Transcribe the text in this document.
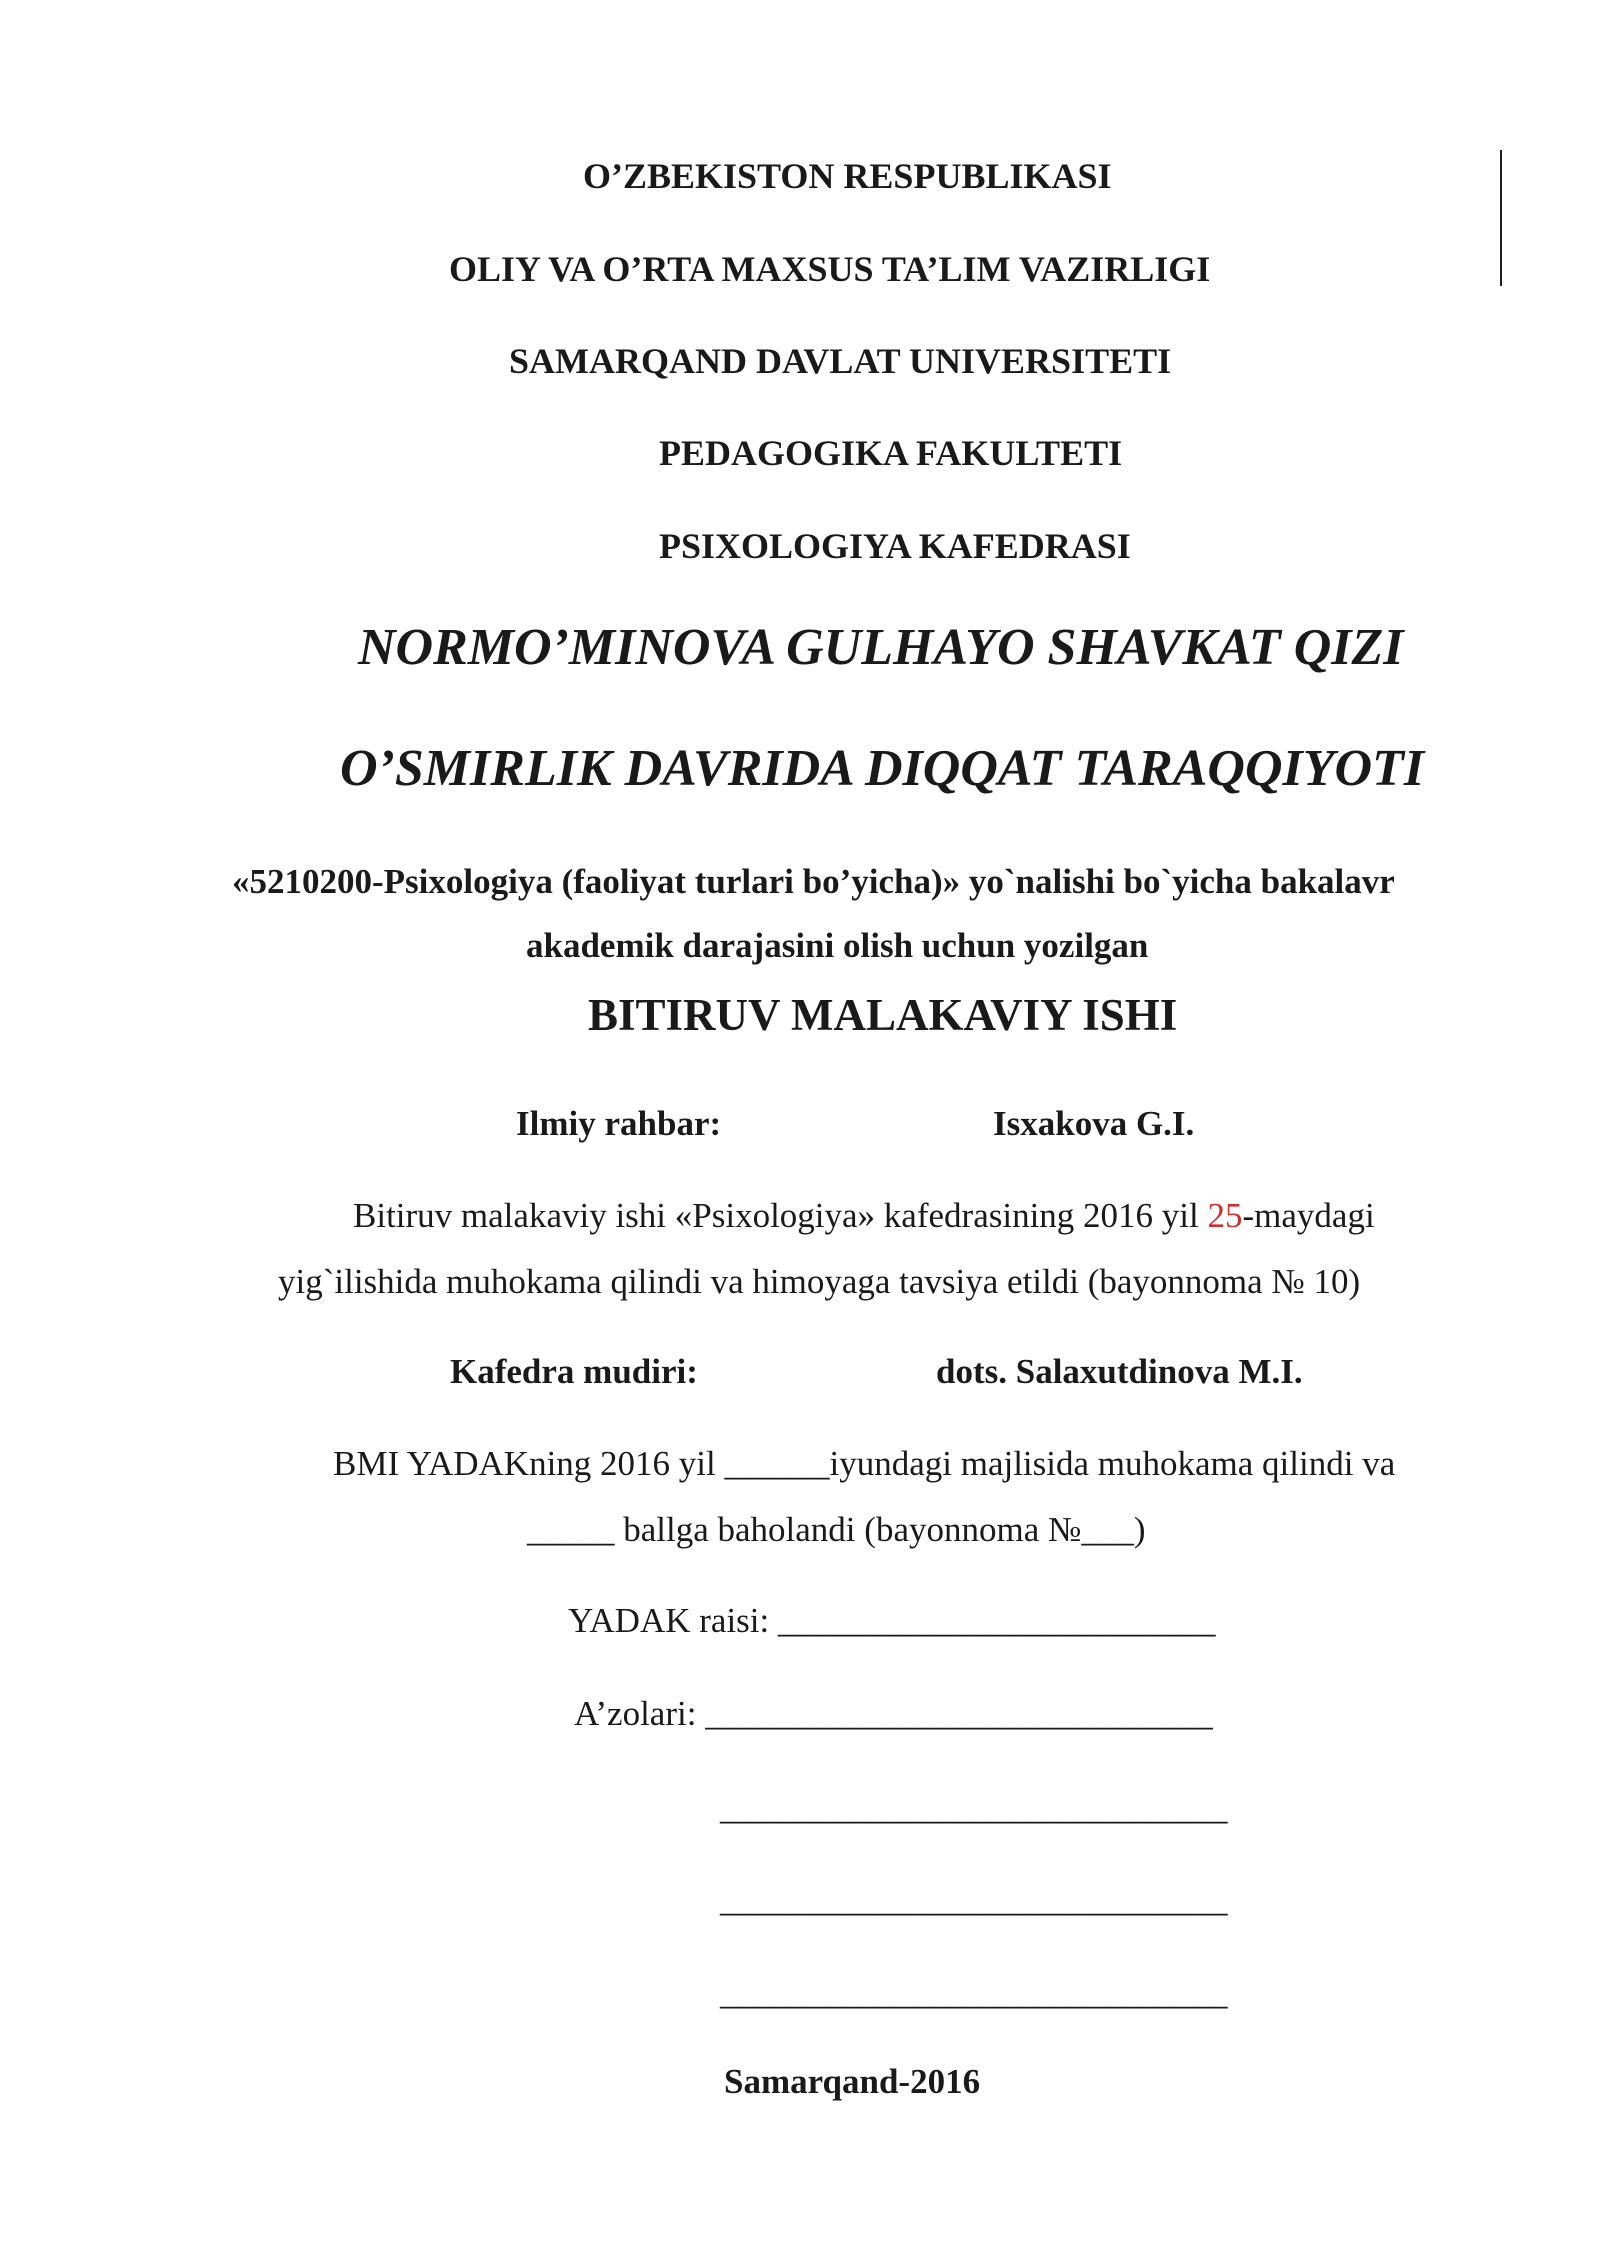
O’ZBEKISTON RESPUBLIKASI
OLIY VA O’RTA MAXSUS TA’LIM VAZIRLIGI
SAMARQAND DAVLAT UNIVERSITETI
PEDAGOGIKA FAKULTETI
PSIXOLOGIYA KAFEDRASI
NORMO’MINOVA GULHAYO SHAVKAT QIZI
O’SMIRLIK DAVRIDA DIQQAT TARAQQIYOTI
«5210200-Psixologiya (faoliyat turlari bo’yicha)» yo`nalishi bo`yicha bakalavr
akademik darajasini olish uchun yozilgan
BITIRUV MALAKAVIY ISHI
Ilmiy rahbar:	Isxakova G.I.
Bitiruv malakaviy ishi «Psixologiya» kafedrasining 2016 yil 25-maydagi
yig`ilishida muhokama qilindi va himoyaga tavsiya etildi (bayonnoma № 10)
Kafedra mudiri:	dots. Salaxutdinova M.I.
BMI YADAKning 2016 yil ______iyundagi majlisida muhokama qilindi va
_____ ballga baholandi (bayonnoma №___)
YADAK raisi: _________________________
A’zolari: _____________________________
_____________________________
_____________________________
_____________________________
Samarqand-2016
